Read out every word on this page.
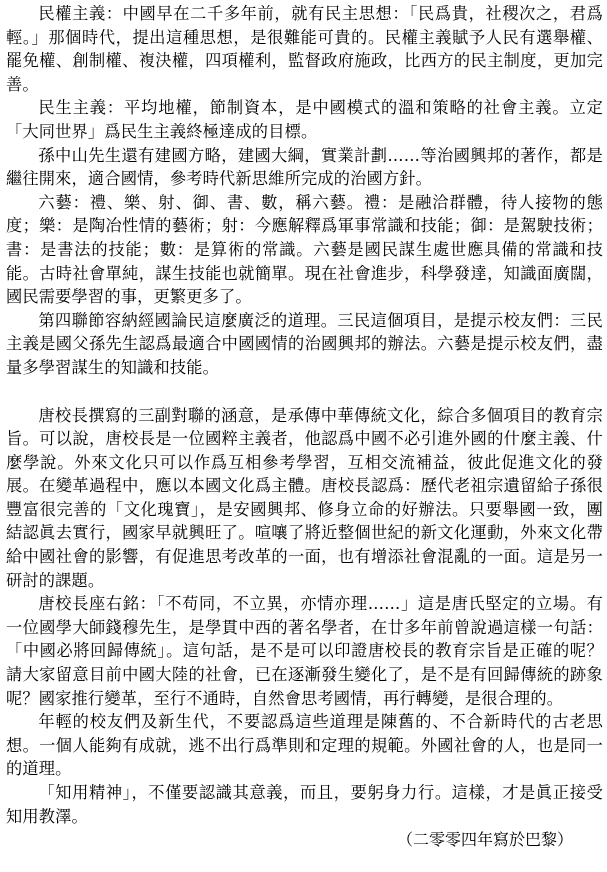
民權主義：中國早在二千多年前，就有民主思想：「民爲貴，社稷次之，君爲輕。」那個時代，提出這種思想，是很難能可貴的。民權主義賦予人民有選舉權、罷免權、創制權、複決權，四項權利，監督政府施政，比西方的民主制度，更加完善。

民生主義：平均地權，節制資本，是中國模式的溫和策略的社會主義。立定「大同世界」爲民生主義終極達成的目標。

孫中山先生還有建國方略，建國大綱，實業計劃……等治國興邦的著作，都是繼往開來，適合國情，參考時代新思維所完成的治國方針。

六藝：禮、樂、射、御、書、數，稱六藝。禮：是融洽群體，待人接物的態度；樂：是陶冶性情的藝術；射：今應解釋爲軍事常識和技能；御：是駕駛技術；書：是書法的技能；數：是算術的常識。六藝是國民謀生處世應具備的常識和技能。古時社會單純，謀生技能也就簡單。現在社會進步，科學發達，知識面廣闊，國民需要學習的事，更繁更多了。

第四聯節容納經國論民這麼廣泛的道理。三民這個項目，是提示校友們：三民主義是國父孫先生認爲最適合中國國情的治國興邦的辦法。六藝是提示校友們，盡量多學習謀生的知識和技能。

唐校長撰寫的三副對聯的涵意，是承傳中華傳統文化，綜合多個項目的教育宗旨。可以說，唐校長是一位國粹主義者，他認爲中國不必引進外國的什麼主義、什麼學說。外來文化只可以作爲互相參考學習，互相交流補益，彼此促進文化的發展。在變革過程中，應以本國文化爲主體。唐校長認爲：歷代老祖宗遺留給子孫很豐富很完善的「文化瑰寶」，是安國興邦、修身立命的好辦法。只要舉國一致，團結認眞去實行，國家早就興旺了。喧嚷了將近整個世紀的新文化運動，外來文化帶給中國社會的影響，有促進思考改革的一面，也有增添社會混亂的一面。這是另一研討的課題。

唐校長座右銘：「不苟同，不立異，亦情亦理……」這是唐氏堅定的立場。有一位國學大師錢穆先生，是學貫中西的著名學者，在廿多年前曾說過這樣一句話：「中國必將回歸傳統」。這句話，是不是可以印證唐校長的教育宗旨是正確的呢？請大家留意目前中國大陸的社會，已在逐漸發生變化了，是不是有回歸傳統的跡象呢？國家推行變革，至行不通時，自然會思考國情，再行轉變，是很合理的。

年輕的校友們及新生代，不要認爲這些道理是陳舊的、不合新時代的古老思想。一個人能夠有成就，逃不出行爲準則和定理的規範。外國社會的人，也是同一的道理。

「知用精神」，不僅要認識其意義，而且，要躬身力行。這樣，才是眞正接受知用教澤。

（二零零四年寫於巴黎）
